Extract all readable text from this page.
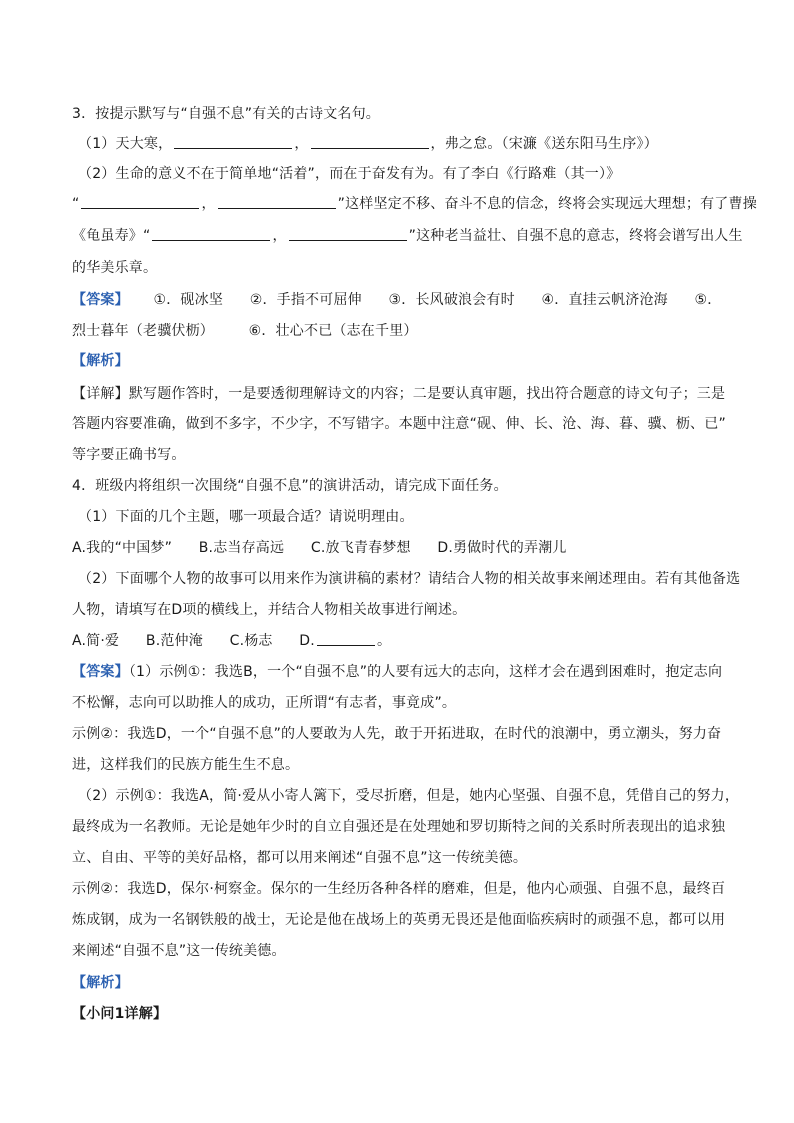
3．按提示默写与“自强不息”有关的古诗文名句。
（1）天大寒，	，	，弗之怠。（宋濂《送东阳马生序》）
（2）生命的意义不在于简单地“活着”，而在于奋发有为。有了李白《行路难（其一）》
“	，	”这样坚定不移、奋斗不息的信念，终将会实现远大理想；有了曹操
《龟虽寿》“	，	”这种老当益壮、自强不息的意志，终将会谱写出人生
的华美乐章。
【答案】 ①．砚冰坚 ②．手指不可屈伸 ③．长风破浪会有时 ④．直挂云帆济沧海 ⑤．
烈士暮年（老骥伏枥） ⑥．壮心不已（志在千里）
【解析】
【详解】默写题作答时，一是要透彻理解诗文的内容；二是要认真审题，找出符合题意的诗文句子；三是
答题内容要准确，做到不多字，不少字，不写错字。本题中注意“砚、伸、长、沧、海、暮、骥、枥、已”
等字要正确书写。
4．班级内将组织一次围绕“自强不息”的演讲活动，请完成下面任务。
（1）下面的几个主题，哪一项最合适？请说明理由。
A.我的“中国梦” B.志当存高远 C.放飞青春梦想 D.勇做时代的弄潮儿
（2）下面哪个人物的故事可以用来作为演讲稿的素材？请结合人物的相关故事来阐述理由。若有其他备选
人物，请填写在D项的横线上，并结合人物相关故事进行阐述。
A.简·爱 B.范仲淹 C.杨志 D.	。
【答案】（1）示例①：我选B，一个“自强不息”的人要有远大的志向，这样才会在遇到困难时，抱定志向
不松懈，志向可以助推人的成功，正所谓“有志者，事竟成”。
示例②：我选D，一个“自强不息”的人要敢为人先，敢于开拓进取，在时代的浪潮中，勇立潮头，努力奋
进，这样我们的民族方能生生不息。
（2）示例①：我选A，简·爱从小寄人篱下，受尽折磨，但是，她内心坚强、自强不息，凭借自己的努力，
最终成为一名教师。无论是她年少时的自立自强还是在处理她和罗切斯特之间的关系时所表现出的追求独
立、自由、平等的美好品格，都可以用来阐述“自强不息”这一传统美德。
示例②：我选D，保尔·柯察金。保尔的一生经历各种各样的磨难，但是，他内心顽强、自强不息，最终百
炼成钢，成为一名钢铁般的战士，无论是他在战场上的英勇无畏还是他面临疾病时的顽强不息，都可以用
来阐述“自强不息”这一传统美德。
【解析】
【小问1详解】
